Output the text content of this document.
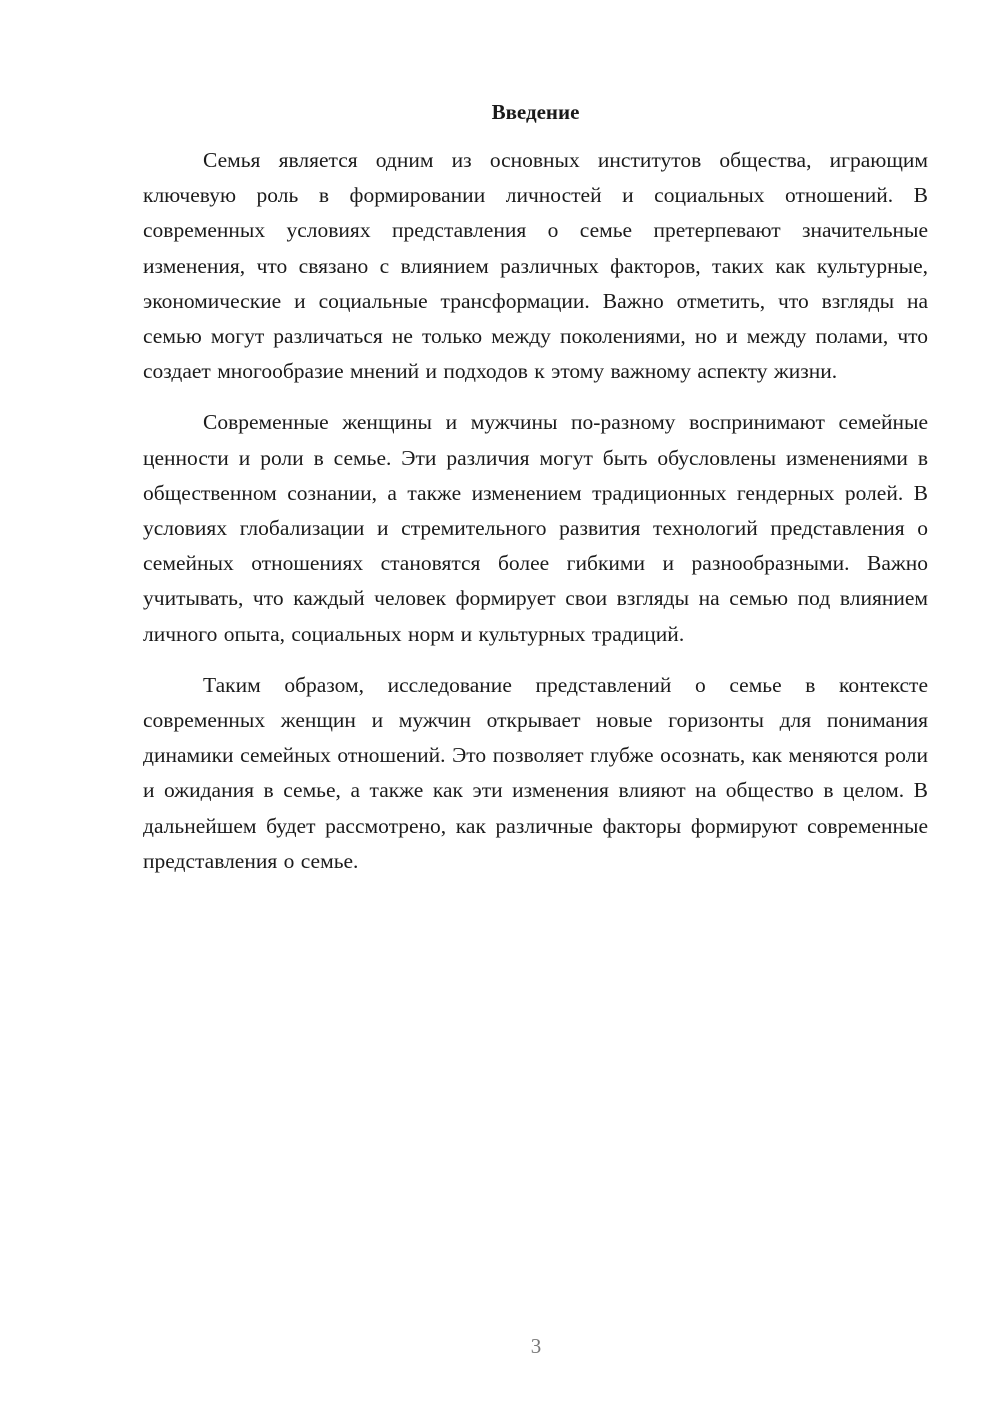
Введение

Семья является одним из основных институтов общества, играющим ключевую роль в формировании личностей и социальных отношений. В современных условиях представления о семье претерпевают значительные изменения, что связано с влиянием различных факторов, таких как культурные, экономические и социальные трансформации. Важно отметить, что взгляды на семью могут различаться не только между поколениями, но и между полами, что создает многообразие мнений и подходов к этому важному аспекту жизни.

Современные женщины и мужчины по-разному воспринимают семейные ценности и роли в семье. Эти различия могут быть обусловлены изменениями в общественном сознании, а также изменением традиционных гендерных ролей. В условиях глобализации и стремительного развития технологий представления о семейных отношениях становятся более гибкими и разнообразными. Важно учитывать, что каждый человек формирует свои взгляды на семью под влиянием личного опыта, социальных норм и культурных традиций.

Таким образом, исследование представлений о семье в контексте современных женщин и мужчин открывает новые горизонты для понимания динамики семейных отношений. Это позволяет глубже осознать, как меняются роли и ожидания в семье, а также как эти изменения влияют на общество в целом. В дальнейшем будет рассмотрено, как различные факторы формируют современные представления о семье.

3
